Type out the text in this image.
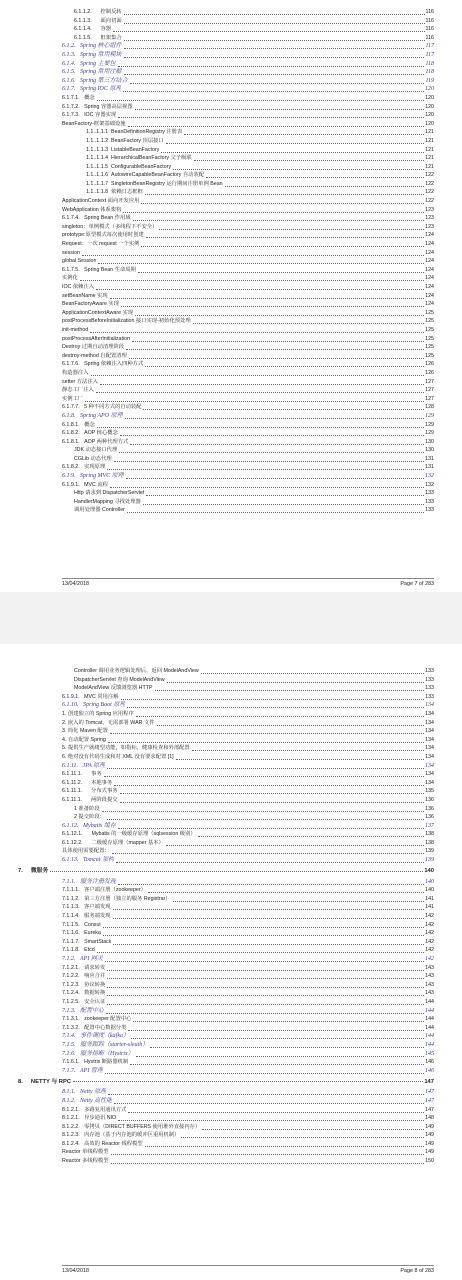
6.1.1.2.      控制反转	116
6.1.1.3.      面向切面	116
6.1.1.4.      容器	116
6.1.1.5.      框架集合	116
6.1.2.   Spring 核心组件	117
6.1.3.   Spring 常用模块	117
6.1.4.   Spring 主要包	118
6.1.5.   Spring 常用注解	118
6.1.6.   Spring 第三方结合	119
6.1.7.   Spring IOC 原理	120
6.1.7.1.   概念	120
6.1.7.2.   Spring 容器高层视图	120
6.1.7.3.   IOC 容器实现	120
BeanFactory-框架基础设施	120
1.1..1.1.1  BeanDefinitionRegistry 注册表	121
1.1..1.1.2  BeanFactory 顶层接口	121
1.1..1.1.3  ListableBeanFactory	121
1.1..1.1.4  HierarchicalBeanFactory 父子级联	121
1.1..1.1.5  ConfigurableBeanFactory	121
1.1..1.1.6  AutowireCapableBeanFactory 自动装配	122
1.1..1.1.7  SingletonBeanRegistry 运行期间注册单例 Bean	122
1.1..1.1.8  依赖日志框框	122
ApplicationContext 面向开发应用	122
WebApplication 体系架构	123
6.1.7.4.   Spring Bean 作用域	123
singleton：单例模式（多线程下不安全）	123
prototype:原型模式每次使用时创建	124
Request：一次 request 一个实例	124
session	124
global Session	124
6.1.7.5.   Spring Bean 生命周期	124
实例化	124
IOC 依赖注入	124
setBeanName 实现	124
BeanFactoryAware 实现	124
ApplicationContextAware 实现	125
postProcessBeforeInitialization 接口实现-初始化预处理	125
init-method	125
postProcessAfterInitialization	125
Destroy 过期自动清理阶段	125
destroy-method 自配置清理	125
6.1.7.6.   Spring 依赖注入四种方式	126
构造器注入	126
setter 方法注入	127
静态工厂注入	127
实例工厂	127
6.1.7.7.   5 种不同方式的自动装配	128
6.1.8.   Spring APO 原理	129
6.1.8.1.   概念	129
6.1.8.2.   AOP 核心概念	129
6.1.8.1.   AOP 两种代理方式	130
JDK 动态接口代理	130
CGLib 动态代理	131
6.1.8.2.   实现原理	131
6.1.9.   Spring MVC 原理	132
6.1.9.1.   MVC 流程	132
Http 请求到 DispatcherServlet	133
HandlerMapping 寻找处理器	133
调用处理器 Controller	133
13/04/2018	Page 7 of 283
Controller 调用业务逻辑处理后，返回 ModelAndView	133
DispatcherServlet 查询 ModelAndView	133
ModelAndView 反馈浏览器 HTTP	133
6.1.9.1.   MVC 常用注解	133
6.1.10.   Spring Boot 原理	134
1. 创建独立的 Spring 应用程序	134
2. 嵌入的 Tomcat，无需部署 WAR 文件	134
3. 简化 Maven 配置	134
4. 自动配置 Spring	134
5. 提供生产就绪型功能，如指标，健康检查和外部配置	134
6. 绝对没有代码生成和对 XML 没有要求配置 [1]	134
6.1.11.   JPA 原理	134
6.1.11.1.      事务	134
6.1.11.2.      本地事务	134
6.1.11.1.      分布式事务	135
6.1.11.1.      两阶段提交	136
1 准备阶段	136
2 提交阶段：	136
6.1.12.   Mybatis 缓存	137
6.1.12.1.      Mybatis 的一级缓存原理（sqlsession 级别）	138
6.1.12.2.      二级缓存原理（mapper 基本）	138
具体使用需要配置：	139
6.1.13.   Tomcat 架构	139
7.     微服务	140
7.1.1.   服务注册发现	140
7.1.1.1.   客户端注册（zookeeper）	140
7.1.1.2.   第三方注册（独立的服务 Registrar）	141
7.1.1.3.   客户端发现	141
7.1.1.4.   服务端发现	142
7.1.1.5.   Consul	142
7.1.1.6.   Eureka	142
7.1.1.7.   SmartStack	142
7.1.1.8.   Etcd	142
7.1.2.   API 网关	142
7.1.2.1.   请求转发	143
7.1.2.2.   响应合并	143
7.1.2.3.   协议转换	143
7.1.2.4.   数据转换	143
7.1.2.5.   安全认证	144
7.1.3.   配置中心	144
7.1.3.1.   zookeeper 配置中心	144
7.1.3.2.   配置中心数据分类	144
7.1.4.   事件调度（kafka）	144
7.1.5.   服务跟踪（starter-sleuth）	144
7.1.6.   服务熔断（Hystrix）	145
7.1.6.1.   Hystrix 断路器机制	146
7.1.7.   API 管理	146
8.     NETTY 与 RPC	147
8.1.1.   Netty 原理	147
8.1.2.   Netty 高性能	147
8.1.2.1.   多路复用通讯方式	147
8.1.2.1.   异步通讯 NIO	148
8.1.2.2.   零拷贝（DIRECT BUFFERS 使用堆外直接内存）	149
8.1.2.3.   内存池（基于内存池的缓冲区重用机制）	149
8.1.2.4.   高效的 Reactor 线程模型	149
Reactor 单线程模型	149
Reactor 多线程模型	150
13/04/2018	Page 8 of 283
